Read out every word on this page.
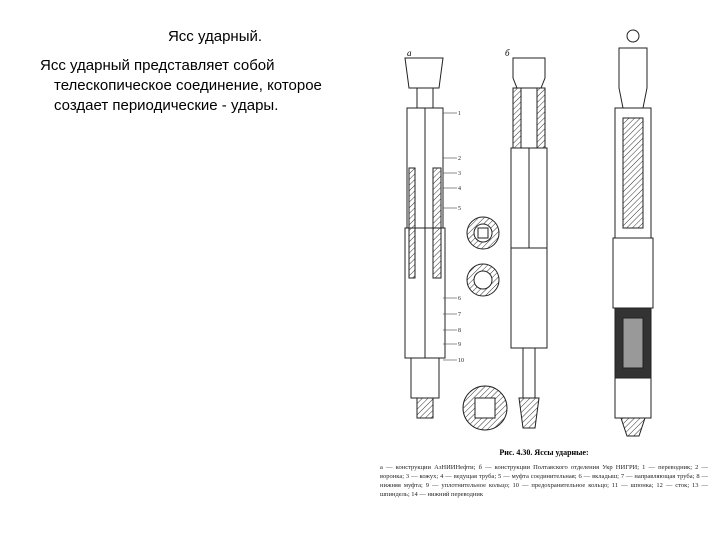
Ясс ударный.

Ясс ударный представляет собой

телескопическое соединение, которое

создает периодические - удары.

а	б
1
2
3
4
5
6
7
8
9
10
Рис. 4.30. Яссы ударные:
а — конструкции АзНИИНефти; б — конструкции Полтавского отделения Укр НИГРИ; 1 — переводник; 2 — воронка; 3 — кожух; 4 — ведущая труба; 5 — муфта соединительная; 6 — вкладыш; 7 — направляющая труба; 8 — нижняя муфта; 9 — уплотнительное кольцо; 10 — предохранительное кольцо; 11 — шпонка; 12 — сток; 13 — шпиндель; 14 — нижний переводник
